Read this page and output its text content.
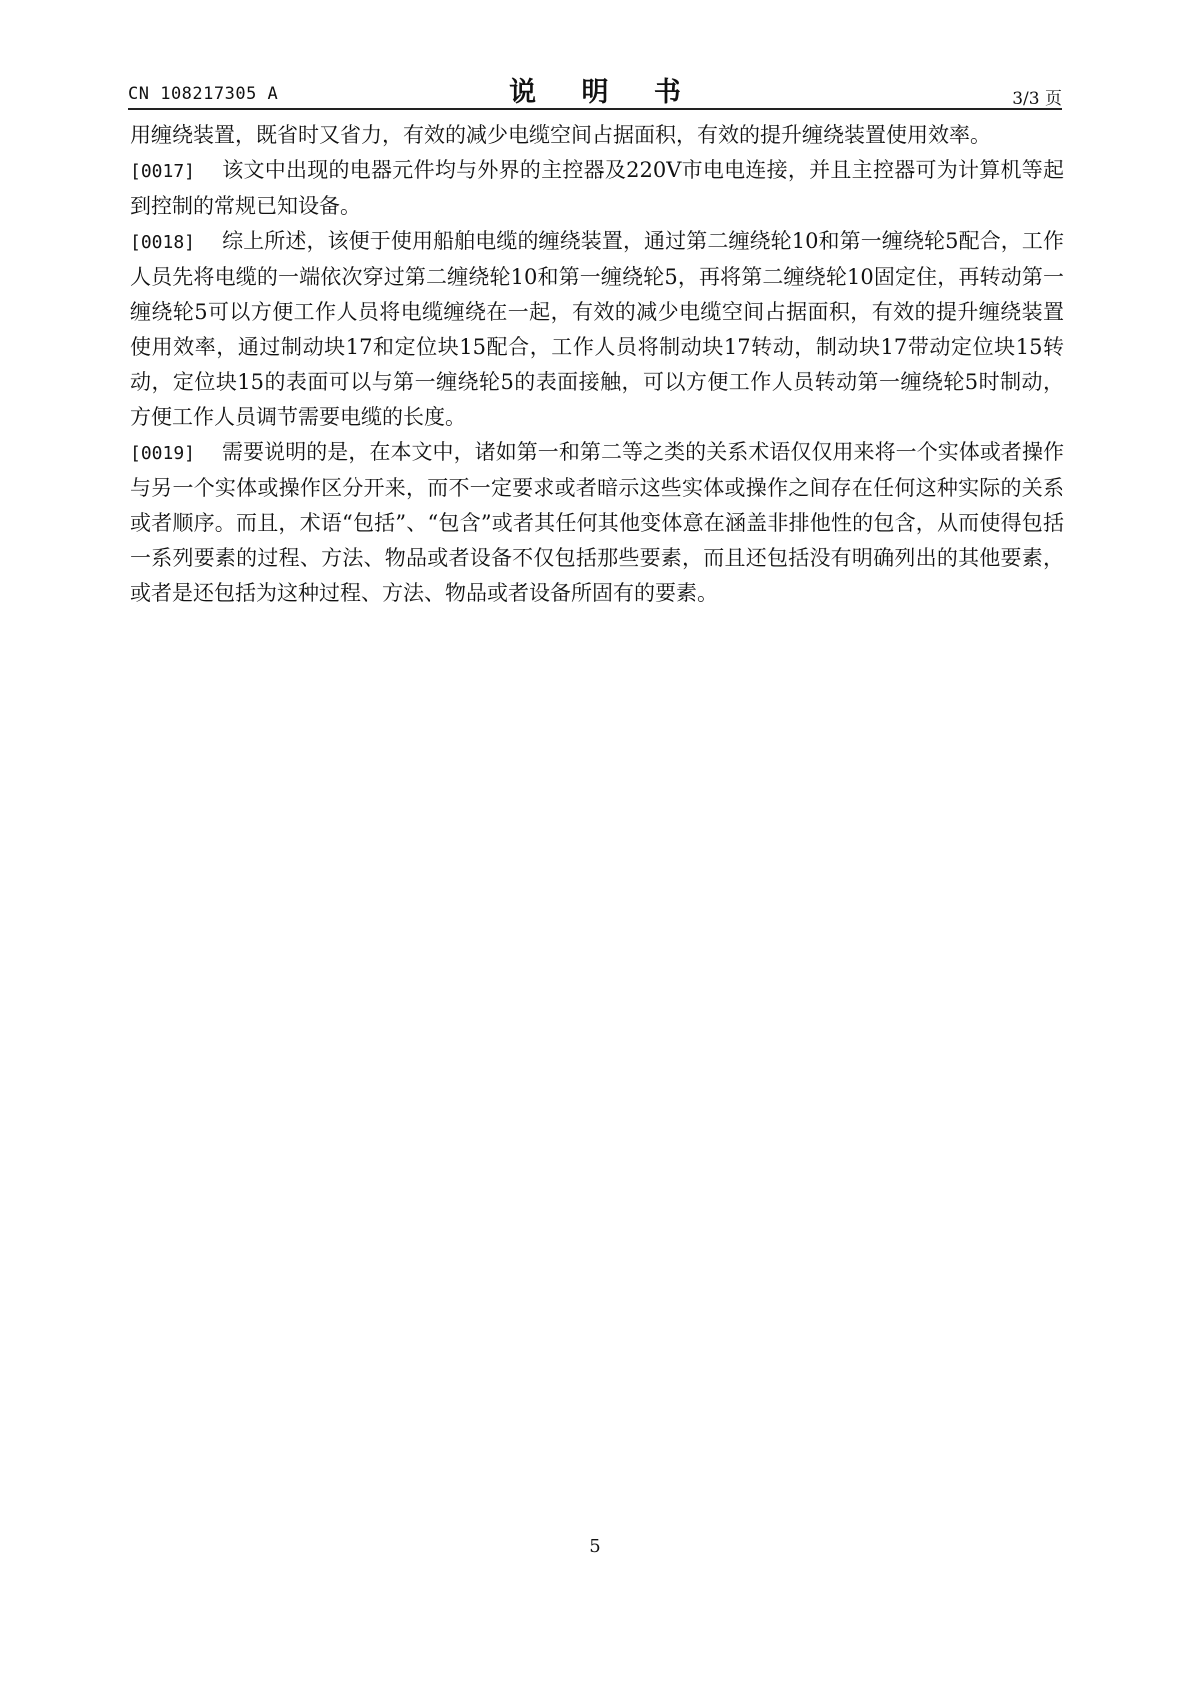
CN 108217305 A	说 明 书	3/3 页

用缠绕装置，既省时又省力，有效的减少电缆空间占据面积，有效的提升缠绕装置使用效率。

[0017] 该文中出现的电器元件均与外界的主控器及220V市电电连接，并且主控器可为计算机等起到控制的常规已知设备。

[0018] 综上所述，该便于使用船舶电缆的缠绕装置，通过第二缠绕轮10和第一缠绕轮5配合，工作人员先将电缆的一端依次穿过第二缠绕轮10和第一缠绕轮5，再将第二缠绕轮10固定住，再转动第一缠绕轮5可以方便工作人员将电缆缠绕在一起，有效的减少电缆空间占据面积，有效的提升缠绕装置使用效率，通过制动块17和定位块15配合，工作人员将制动块17转动，制动块17带动定位块15转动，定位块15的表面可以与第一缠绕轮5的表面接触，可以方便工作人员转动第一缠绕轮5时制动，方便工作人员调节需要电缆的长度。

[0019] 需要说明的是，在本文中，诸如第一和第二等之类的关系术语仅仅用来将一个实体或者操作与另一个实体或操作区分开来，而不一定要求或者暗示这些实体或操作之间存在任何这种实际的关系或者顺序。而且，术语“包括”、“包含”或者其任何其他变体意在涵盖非排他性的包含，从而使得包括一系列要素的过程、方法、物品或者设备不仅包括那些要素，而且还包括没有明确列出的其他要素，或者是还包括为这种过程、方法、物品或者设备所固有的要素。

5
